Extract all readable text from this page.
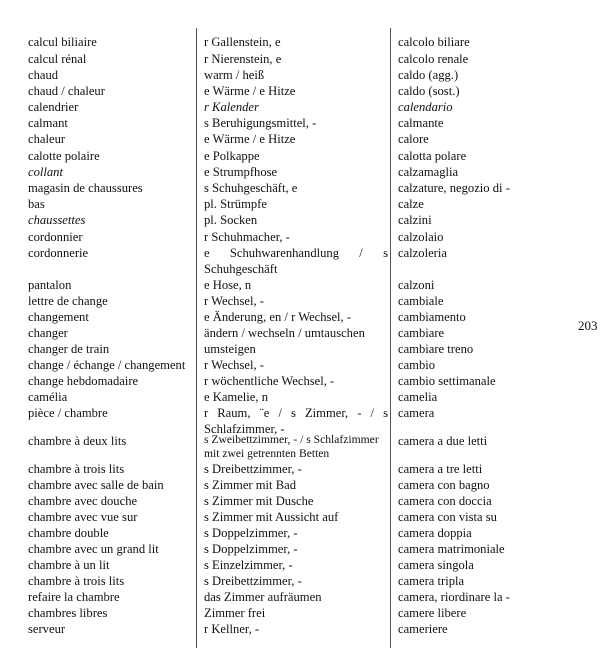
calcul biliaire
calcul rénal
chaud
chaud / chaleur
calendrier
calmant
chaleur
calotte polaire
collant
magasin de chaussures
bas
chaussettes
cordonnier
cordonnerie
pantalon
lettre de change
changement
changer
changer de train
change / échange / changement
change hebdomadaire
camélia
pièce / chambre
chambre à deux lits
chambre à trois lits
chambre avec salle de bain
chambre avec douche
chambre avec vue sur
chambre double
chambre avec un grand lit
chambre à un lit
chambre à trois lits
refaire la chambre
chambres libres
serveur
r Gallenstein, e
r Nierenstein, e
warm / heiß
e Wärme / e Hitze
r Kalender
s Beruhigungsmittel, -
e Wärme / e Hitze
e Polkappe
e Strumpfhose
s Schuhgeschäft, e
pl. Strümpfe
pl. Socken
r Schuhmacher, -
e Schuhwarenhandlung / s Schuhgeschäft
e Hose, n
r Wechsel, -
e Änderung, en / r Wechsel, -
ändern / wechseln / umtauschen
umsteigen
r Wechsel, -
r wöchentliche Wechsel, -
e Kamelie, n
r Raum, ¨e / s Zimmer, - / s Schlafzimmer, -
s Zweibettzimmer, - / s Schlafzimmer mit zwei getrennten Betten
s Dreibettzimmer, -
s Zimmer mit Bad
s Zimmer mit Dusche
s Zimmer mit Aussicht auf
s Doppelzimmer, -
s Doppelzimmer, -
s Einzelzimmer, -
s Dreibettzimmer, -
das Zimmer aufräumen
Zimmer frei
r Kellner, -
calcolo biliare
calcolo renale
caldo (agg.)
caldo (sost.)
calendario
calmante
calore
calotta polare
calzamaglia
calzature, negozio di -
calze
calzini
calzolaio
calzoleria
calzoni
cambiale
cambiamento
cambiare
cambiare treno
cambio
cambio settimanale
camelia
camera
camera a due letti
camera a tre letti
camera con bagno
camera con doccia
camera con vista su
camera doppia
camera matrimoniale
camera singola
camera tripla
camera, riordinare la -
camere libere
cameriere
203
